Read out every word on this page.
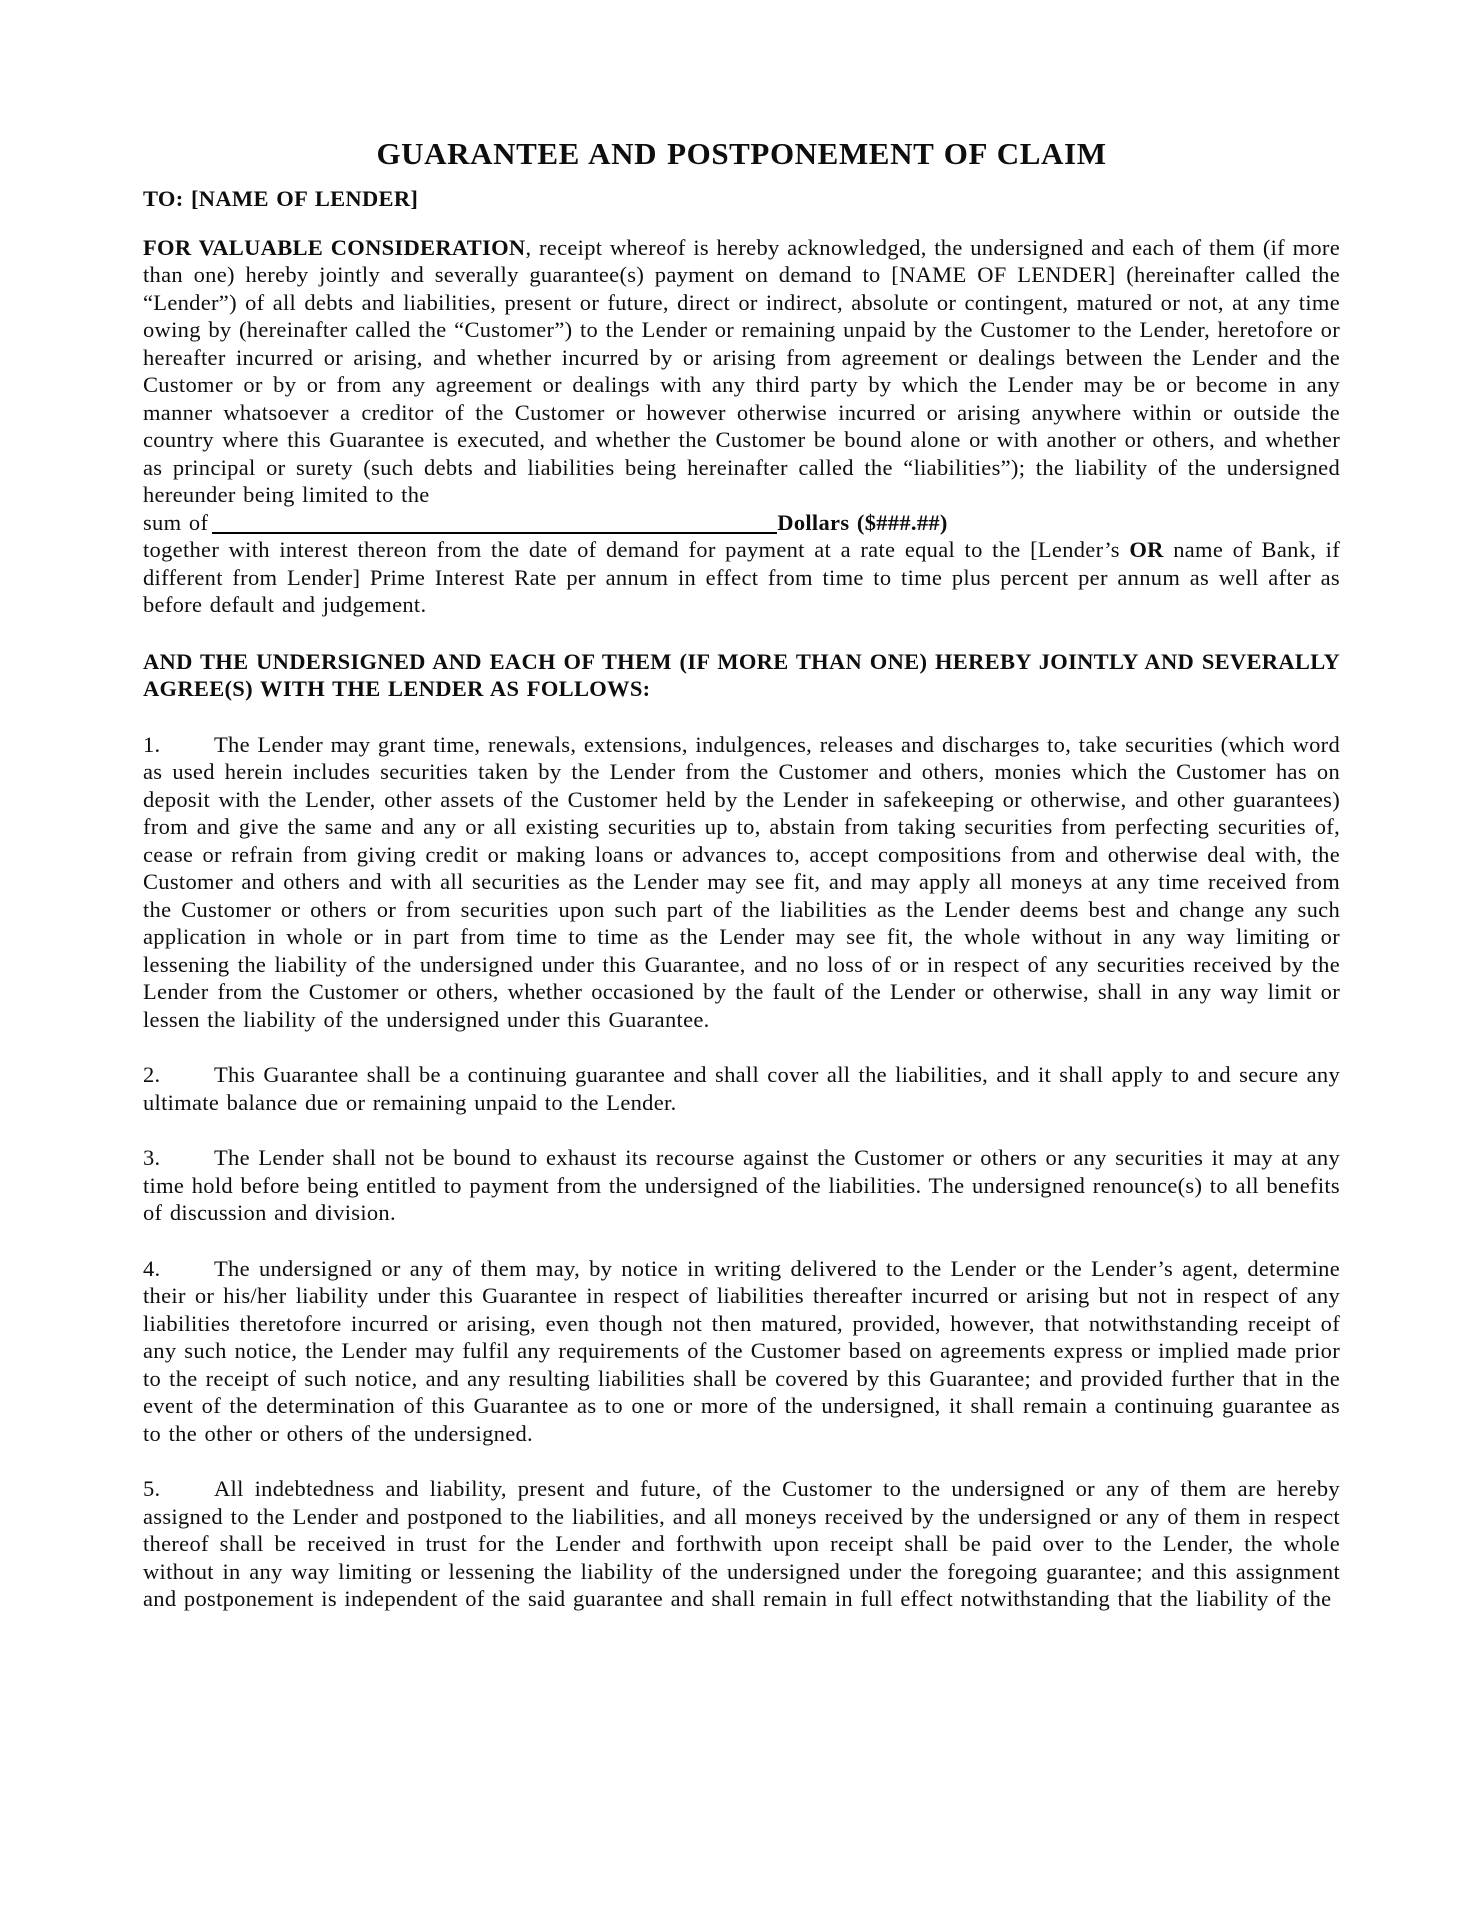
GUARANTEE AND POSTPONEMENT OF CLAIM

TO: [NAME OF LENDER]

FOR VALUABLE CONSIDERATION, receipt whereof is hereby acknowledged, the undersigned and each of them (if more than one) hereby jointly and severally guarantee(s) payment on demand to [NAME OF LENDER] (hereinafter called the “Lender”) of all debts and liabilities, present or future, direct or indirect, absolute or contingent, matured or not, at any time owing by (hereinafter called the “Customer”) to the Lender or remaining unpaid by the Customer to the Lender, heretofore or hereafter incurred or arising, and whether incurred by or arising from agreement or dealings between the Lender and the Customer or by or from any agreement or dealings with any third party by which the Lender may be or become in any manner whatsoever a creditor of the Customer or however otherwise incurred or arising anywhere within or outside the country where this Guarantee is executed, and whether the Customer be bound alone or with another or others, and whether as principal or surety (such debts and liabilities being hereinafter called the “liabilities”); the liability of the undersigned hereunder being limited to the

sum of	Dollars ($###.##)

together with interest thereon from the date of demand for payment at a rate equal to the [Lender’s OR name of Bank, if different from Lender] Prime Interest Rate per annum in effect from time to time plus percent per annum as well after as before default and judgement.

AND THE UNDERSIGNED AND EACH OF THEM (IF MORE THAN ONE) HEREBY JOINTLY AND SEVERALLY AGREE(S) WITH THE LENDER AS FOLLOWS:

1. The Lender may grant time, renewals, extensions, indulgences, releases and discharges to, take securities (which word as used herein includes securities taken by the Lender from the Customer and others, monies which the Customer has on deposit with the Lender, other assets of the Customer held by the Lender in safekeeping or otherwise, and other guarantees) from and give the same and any or all existing securities up to, abstain from taking securities from perfecting securities of, cease or refrain from giving credit or making loans or advances to, accept compositions from and otherwise deal with, the Customer and others and with all securities as the Lender may see fit, and may apply all moneys at any time received from the Customer or others or from securities upon such part of the liabilities as the Lender deems best and change any such application in whole or in part from time to time as the Lender may see fit, the whole without in any way limiting or lessening the liability of the undersigned under this Guarantee, and no loss of or in respect of any securities received by the Lender from the Customer or others, whether occasioned by the fault of the Lender or otherwise, shall in any way limit or lessen the liability of the undersigned under this Guarantee.

2. This Guarantee shall be a continuing guarantee and shall cover all the liabilities, and it shall apply to and secure any ultimate balance due or remaining unpaid to the Lender.

3. The Lender shall not be bound to exhaust its recourse against the Customer or others or any securities it may at any time hold before being entitled to payment from the undersigned of the liabilities. The undersigned renounce(s) to all benefits of discussion and division.

4. The undersigned or any of them may, by notice in writing delivered to the Lender or the Lender’s agent, determine their or his/her liability under this Guarantee in respect of liabilities thereafter incurred or arising but not in respect of any liabilities theretofore incurred or arising, even though not then matured, provided, however, that notwithstanding receipt of any such notice, the Lender may fulfil any requirements of the Customer based on agreements express or implied made prior to the receipt of such notice, and any resulting liabilities shall be covered by this Guarantee; and provided further that in the event of the determination of this Guarantee as to one or more of the undersigned, it shall remain a continuing guarantee as to the other or others of the undersigned.

5. All indebtedness and liability, present and future, of the Customer to the undersigned or any of them are hereby assigned to the Lender and postponed to the liabilities, and all moneys received by the undersigned or any of them in respect thereof shall be received in trust for the Lender and forthwith upon receipt shall be paid over to the Lender, the whole without in any way limiting or lessening the liability of the undersigned under the foregoing guarantee; and this assignment and postponement is independent of the said guarantee and shall remain in full effect notwithstanding that the liability of the
